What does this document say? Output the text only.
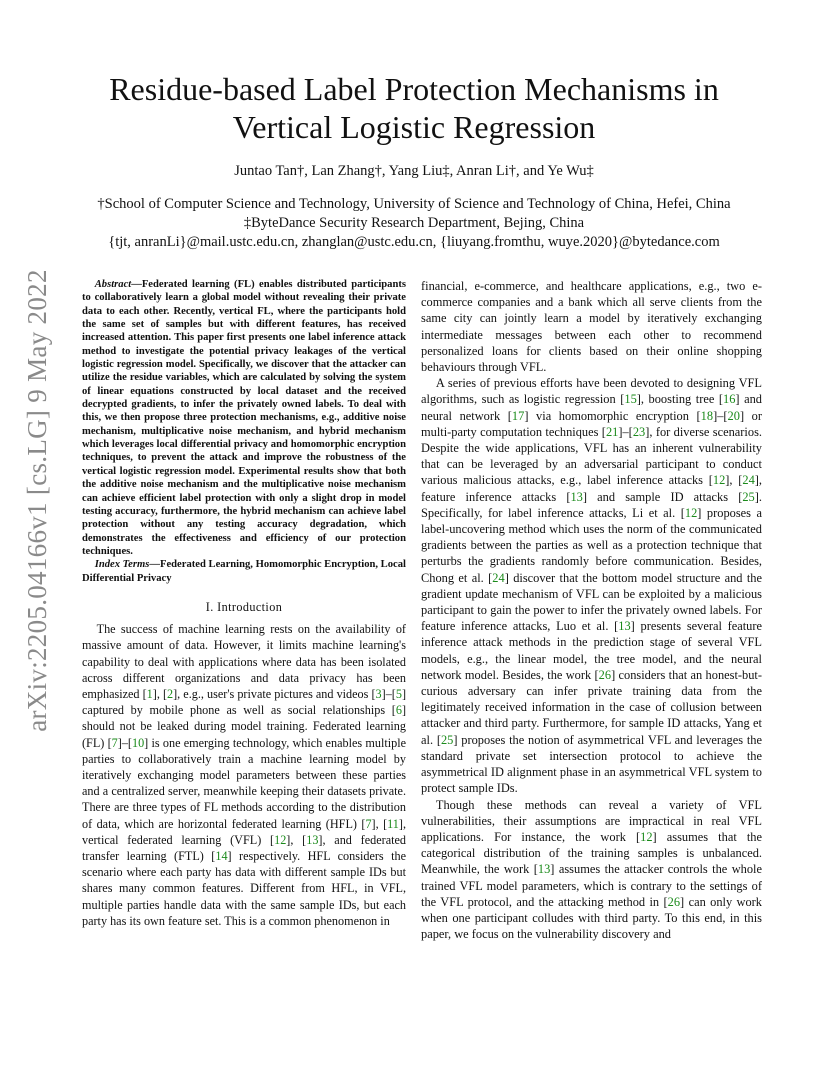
arXiv:2205.04166v1 [cs.LG] 9 May 2022
Residue-based Label Protection Mechanisms in
Vertical Logistic Regression
Juntao Tan†, Lan Zhang†, Yang Liu‡, Anran Li†, and Ye Wu‡
†School of Computer Science and Technology, University of Science and Technology of China, Hefei, China
‡ByteDance Security Research Department, Bejing, China
{tjt, anranLi}@mail.ustc.edu.cn, zhanglan@ustc.edu.cn, {liuyang.fromthu, wuye.2020}@bytedance.com

Abstract—Federated learning (FL) enables distributed participants to collaboratively learn a global model without revealing their private data to each other. Recently, vertical FL, where the participants hold the same set of samples but with different features, has received increased attention. This paper first presents one label inference attack method to investigate the potential privacy leakages of the vertical logistic regression model. Specifically, we discover that the attacker can utilize the residue variables, which are calculated by solving the system of linear equations constructed by local dataset and the received decrypted gradients, to infer the privately owned labels. To deal with this, we then propose three protection mechanisms, e.g., additive noise mechanism, multiplicative noise mechanism, and hybrid mechanism which leverages local differential privacy and homomorphic encryption techniques, to prevent the attack and improve the robustness of the vertical logistic regression model. Experimental results show that both the additive noise mechanism and the multiplicative noise mechanism can achieve efficient label protection with only a slight drop in model testing accuracy, furthermore, the hybrid mechanism can achieve label protection without any testing accuracy degradation, which demonstrates the effectiveness and efficiency of our protection techniques.

Index Terms—Federated Learning, Homomorphic Encryption, Local Differential Privacy

I. Introduction

The success of machine learning rests on the availability of massive amount of data. However, it limits machine learning's capability to deal with applications where data has been isolated across different organizations and data privacy has been emphasized [1], [2], e.g., user's private pictures and videos [3]–[5] captured by mobile phone as well as social relationships [6] should not be leaked during model training. Federated learning (FL) [7]–[10] is one emerging technology, which enables multiple parties to collaboratively train a machine learning model by iteratively exchanging model parameters between these parties and a centralized server, meanwhile keeping their datasets private. There are three types of FL methods according to the distribution of data, which are horizontal federated learning (HFL) [7], [11], vertical federated learning (VFL) [12], [13], and federated transfer learning (FTL) [14] respectively. HFL considers the scenario where each party has data with different sample IDs but shares many common features. Different from HFL, in VFL, multiple parties handle data with the same sample IDs, but each party has its own feature set. This is a common phenomenon in

financial, e-commerce, and healthcare applications, e.g., two e-commerce companies and a bank which all serve clients from the same city can jointly learn a model by iteratively exchanging intermediate messages between each other to recommend personalized loans for clients based on their online shopping behaviours through VFL.

A series of previous efforts have been devoted to designing VFL algorithms, such as logistic regression [15], boosting tree [16] and neural network [17] via homomorphic encryption [18]–[20] or multi-party computation techniques [21]–[23], for diverse scenarios. Despite the wide applications, VFL has an inherent vulnerability that can be leveraged by an adversarial participant to conduct various malicious attacks, e.g., label inference attacks [12], [24], feature inference attacks [13] and sample ID attacks [25]. Specifically, for label inference attacks, Li et al. [12] proposes a label-uncovering method which uses the norm of the communicated gradients between the parties as well as a protection technique that perturbs the gradients randomly before communication. Besides, Chong et al. [24] discover that the bottom model structure and the gradient update mechanism of VFL can be exploited by a malicious participant to gain the power to infer the privately owned labels. For feature inference attacks, Luo et al. [13] presents several feature inference attack methods in the prediction stage of several VFL models, e.g., the linear model, the tree model, and the neural network model. Besides, the work [26] considers that an honest-but-curious adversary can infer private training data from the legitimately received information in the case of collusion between attacker and third party. Furthermore, for sample ID attacks, Yang et al. [25] proposes the notion of asymmetrical VFL and leverages the standard private set intersection protocol to achieve the asymmetrical ID alignment phase in an asymmetrical VFL system to protect sample IDs.

Though these methods can reveal a variety of VFL vulnerabilities, their assumptions are impractical in real VFL applications. For instance, the work [12] assumes that the categorical distribution of the training samples is unbalanced. Meanwhile, the work [13] assumes the attacker controls the whole trained VFL model parameters, which is contrary to the settings of the VFL protocol, and the attacking method in [26] can only work when one participant colludes with third party. To this end, in this paper, we focus on the vulnerability discovery and
